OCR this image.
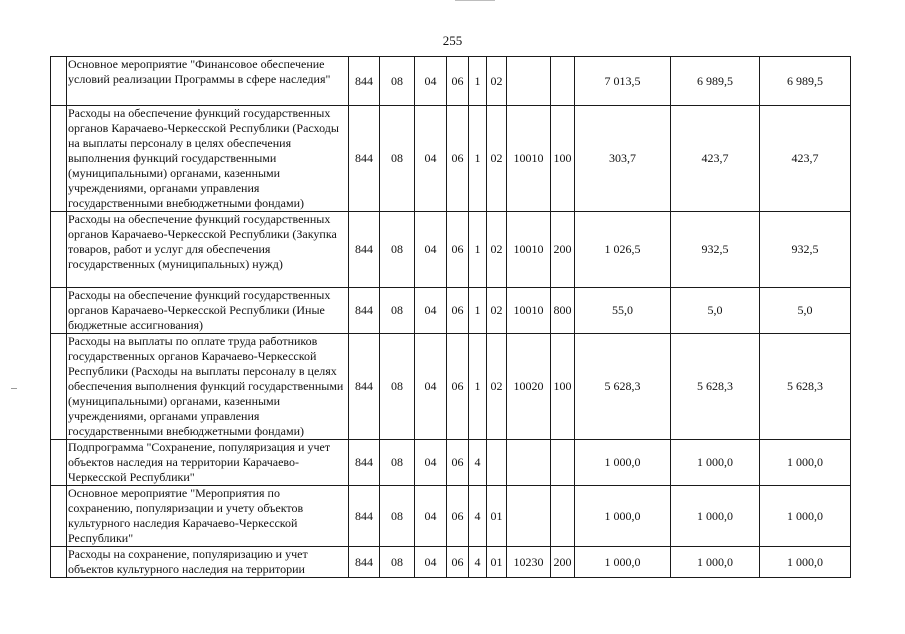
255
	Основное мероприятие "Финансовое обеспечение условий реализации Программы в сфере наследия"	844	08	04	06	1	02			7 013,5	6 989,5	6 989,5
	Расходы на обеспечение функций государственных органов Карачаево-Черкесской Республики (Расходы на выплаты персоналу в целях обеспечения выполнения функций государственными (муниципальными) органами, казенными учреждениями, органами управления государственными внебюджетными фондами)	844	08	04	06	1	02	10010	100	303,7	423,7	423,7
	Расходы на обеспечение функций государственных органов Карачаево-Черкесской Республики (Закупка товаров, работ и услуг для обеспечения государственных (муниципальных) нужд)	844	08	04	06	1	02	10010	200	1 026,5	932,5	932,5
	Расходы на обеспечение функций государственных органов Карачаево-Черкесской Республики (Иные бюджетные ассигнования)	844	08	04	06	1	02	10010	800	55,0	5,0	5,0
	Расходы на выплаты по оплате труда работников государственных органов Карачаево-Черкесской Республики (Расходы на выплаты персоналу в целях обеспечения выполнения функций государственными (муниципальными) органами, казенными учреждениями, органами управления государственными внебюджетными фондами)	844	08	04	06	1	02	10020	100	5 628,3	5 628,3	5 628,3
	Подпрограмма "Сохранение, популяризация и учет объектов наследия на территории Карачаево-Черкесской Республики"	844	08	04	06	4				1 000,0	1 000,0	1 000,0
	Основное мероприятие "Мероприятия по сохранению, популяризации и учету объектов культурного наследия Карачаево-Черкесской Республики"	844	08	04	06	4	01			1 000,0	1 000,0	1 000,0
	Расходы на сохранение, популяризацию и учет объектов культурного наследия на территории	844	08	04	06	4	01	10230	200	1 000,0	1 000,0	1 000,0
